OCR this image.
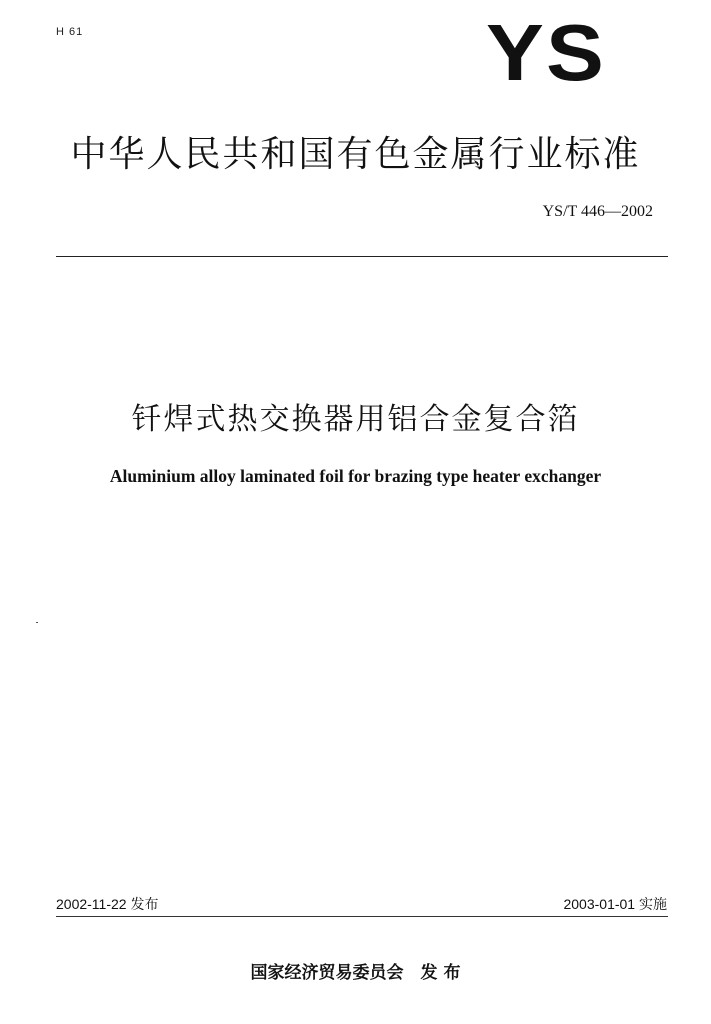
H 61	YS
中华人民共和国有色金属行业标准
YS/T 446—2002
钎焊式热交换器用铝合金复合箔
Aluminium alloy laminated foil for brazing type heater exchanger
2002-11-22 发布	2003-01-01 实施
国家经济贸易委员会　发 布
